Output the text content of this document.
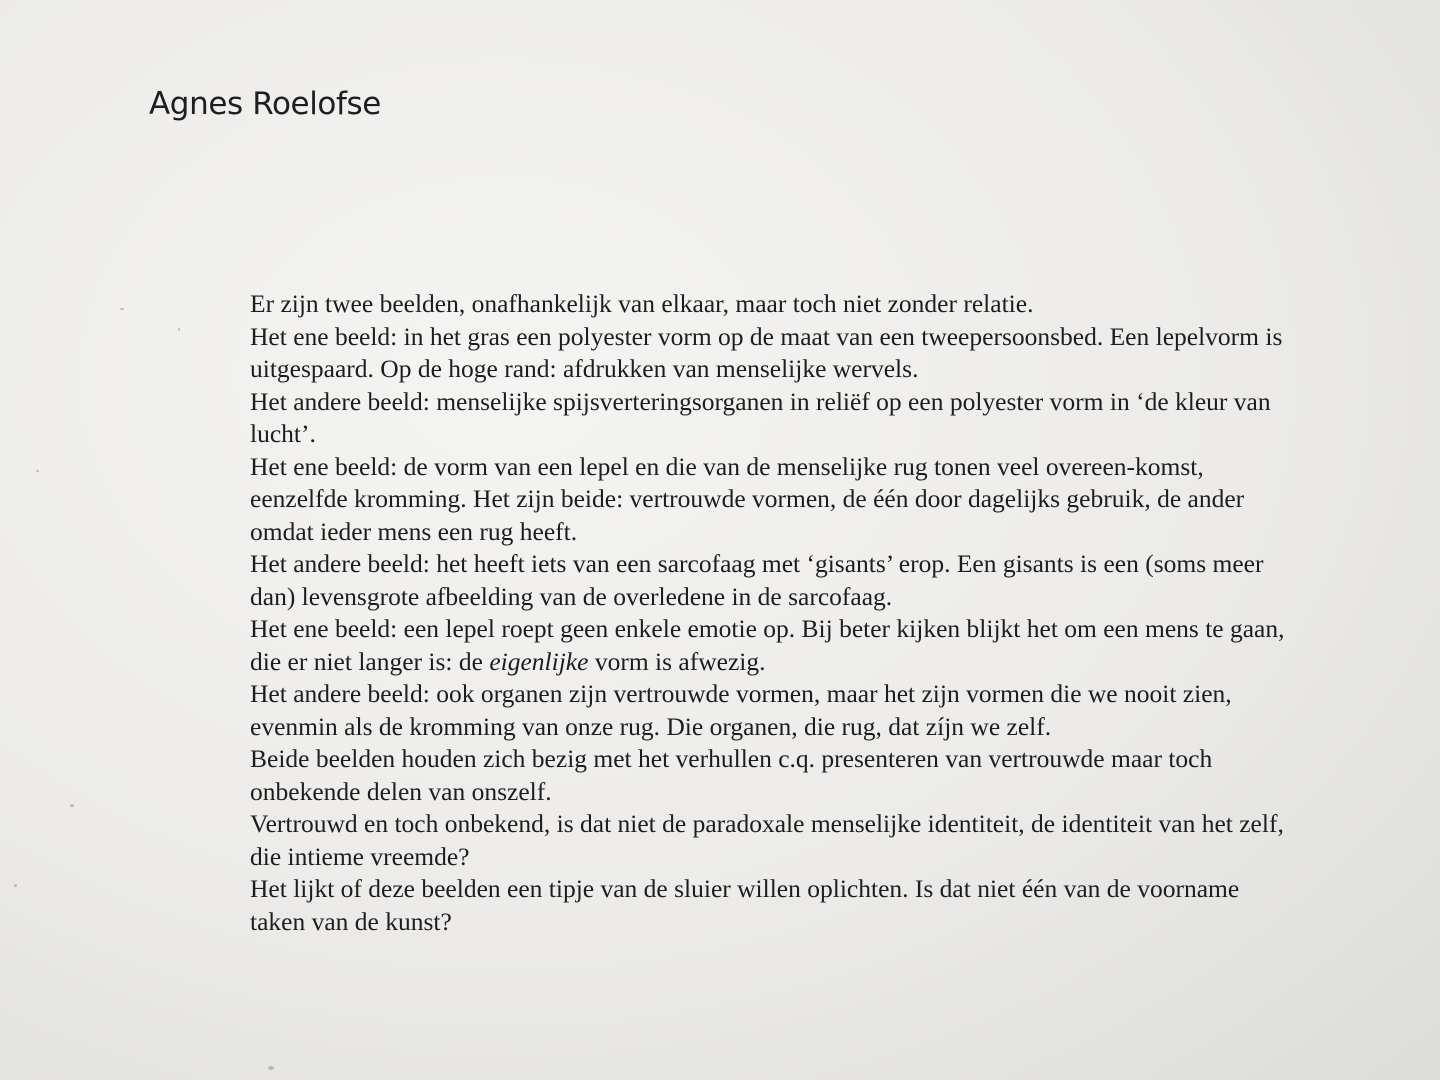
Agnes Roelofse

Er zijn twee beelden, onafhankelijk van elkaar, maar toch niet zonder relatie.

Het ene beeld: in het gras een polyester vorm op de maat van een tweepersoonsbed. Een lepelvorm is uitgespaard. Op de hoge rand: afdrukken van menselijke wervels.

Het andere beeld: menselijke spijsverteringsorganen in reliëf op een polyester vorm in ‘de kleur van lucht’.

Het ene beeld: de vorm van een lepel en die van de menselijke rug tonen veel overeen-komst, eenzelfde kromming. Het zijn beide: vertrouwde vormen, de één door dagelijks gebruik, de ander omdat ieder mens een rug heeft.

Het andere beeld: het heeft iets van een sarcofaag met ‘gisants’ erop. Een gisants is een (soms meer dan) levensgrote afbeelding van de overledene in de sarcofaag.

Het ene beeld: een lepel roept geen enkele emotie op. Bij beter kijken blijkt het om een mens te gaan, die er niet langer is: de eigenlijke vorm is afwezig.

Het andere beeld: ook organen zijn vertrouwde vormen, maar het zijn vormen die we nooit zien, evenmin als de kromming van onze rug. Die organen, die rug, dat zíjn we zelf.

Beide beelden houden zich bezig met het verhullen c.q. presenteren van vertrouwde maar toch onbekende delen van onszelf.

Vertrouwd en toch onbekend, is dat niet de paradoxale menselijke identiteit, de identiteit van het zelf, die intieme vreemde?

Het lijkt of deze beelden een tipje van de sluier willen oplichten. Is dat niet één van de voorname taken van de kunst?
